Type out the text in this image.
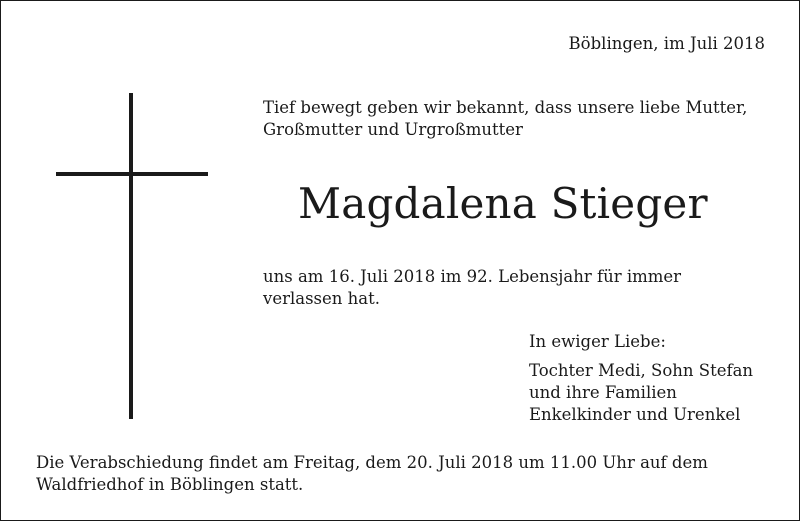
Böblingen, im Juli 2018

Tief bewegt geben wir bekannt, dass unsere liebe Mutter,
Großmutter und Urgroßmutter

Magdalena Stieger

uns am 16. Juli 2018 im 92. Lebensjahr für immer
verlassen hat.

In ewiger Liebe:
Tochter Medi, Sohn Stefan
und ihre Familien
Enkelkinder und Urenkel

Die Verabschiedung findet am Freitag, dem 20. Juli 2018 um 11.00 Uhr auf dem
Waldfriedhof in Böblingen statt.
